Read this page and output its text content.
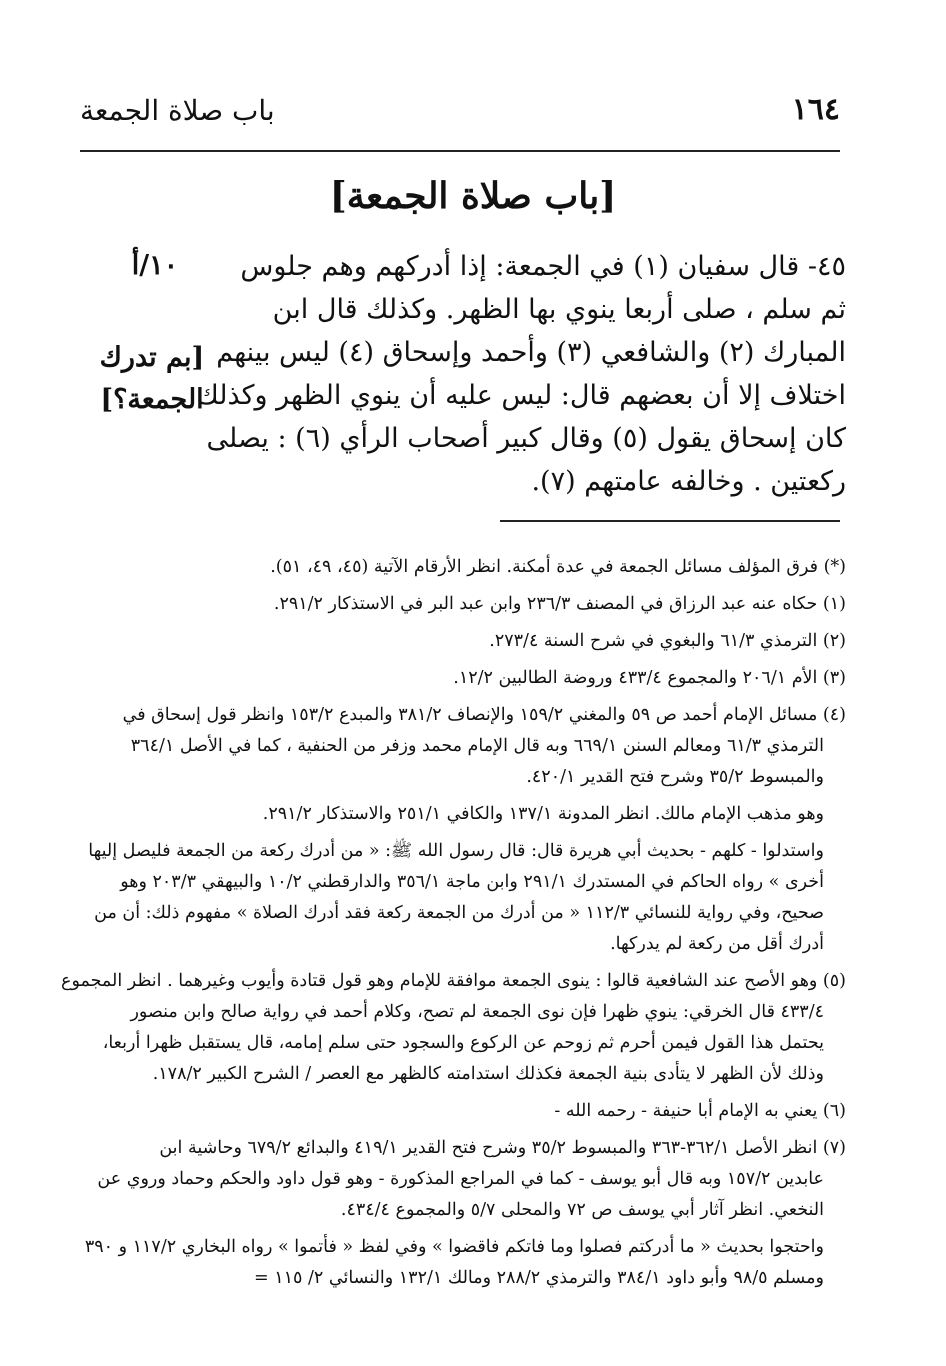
١٦٤
باب صلاة الجمعة
[باب صلاة الجمعة]
٤٥- قال سفيان (١) في الجمعة: إذا أدركهم وهم جلوس
ثم سلم ، صلى أربعا ينوي بها الظهر. وكذلك قال ابن
المبارك (٢) والشافعي (٣) وأحمد وإسحاق (٤) ليس بينهم
اختلاف إلا أن بعضهم قال: ليس عليه أن ينوي الظهر وكذلك
كان إسحاق يقول (٥) وقال كبير أصحاب الرأي (٦) : يصلى
ركعتين . وخالفه عامتهم (٧).
١٠/أ
[بم تدرك
الجمعة؟]
(*) فرق المؤلف مسائل الجمعة في عدة أمكنة. انظر الأرقام الآتية (٤٥، ٤٩، ٥١).
(١) حكاه عنه عبد الرزاق في المصنف ٢٣٦/٣ وابن عبد البر في الاستذكار ٢٩١/٢.
(٢) الترمذي ٦١/٣ والبغوي في شرح السنة ٢٧٣/٤.
(٣) الأم ٢٠٦/١ والمجموع ٤٣٣/٤ وروضة الطالبين ١٢/٢.
(٤) مسائل الإمام أحمد ص ٥٩ والمغني ١٥٩/٢ والإنصاف ٣٨١/٢ والمبدع ١٥٣/٢ وانظر قول إسحاق في
الترمذي ٦١/٣ ومعالم السنن ٦٦٩/١ وبه قال الإمام محمد وزفر من الحنفية ، كما في الأصل ٣٦٤/١
والمبسوط ٣٥/٢ وشرح فتح القدير ٤٢٠/١.
وهو مذهب الإمام مالك. انظر المدونة ١٣٧/١ والكافي ٢٥١/١ والاستذكار ٢٩١/٢.
واستدلوا - كلهم - بحديث أبي هريرة قال: قال رسول الله ﷺ: « من أدرك ركعة من الجمعة فليصل إليها
أخرى » رواه الحاكم في المستدرك ٢٩١/١ وابن ماجة ٣٥٦/١ والدارقطني ١٠/٢ والبيهقي ٢٠٣/٣ وهو
صحيح، وفي رواية للنسائي ١١٢/٣ « من أدرك من الجمعة ركعة فقد أدرك الصلاة » مفهوم ذلك: أن من
أدرك أقل من ركعة لم يدركها.
(٥) وهو الأصح عند الشافعية قالوا : ينوى الجمعة موافقة للإمام وهو قول قتادة وأيوب وغيرهما . انظر المجموع
٤٣٣/٤ قال الخرقي: ينوي ظهرا فإن نوى الجمعة لم تصح، وكلام أحمد في رواية صالح وابن منصور
يحتمل هذا القول فيمن أحرم ثم زوحم عن الركوع والسجود حتى سلم إمامه، قال يستقبل ظهرا أربعا،
وذلك لأن الظهر لا يتأدى بنية الجمعة فكذلك استدامته كالظهر مع العصر / الشرح الكبير ١٧٨/٢.
(٦) يعني به الإمام أبا حنيفة - رحمه الله -
(٧) انظر الأصل ٣٦٢/١-٣٦٣ والمبسوط ٣٥/٢ وشرح فتح القدير ٤١٩/١ والبدائع ٦٧٩/٢ وحاشية ابن
عابدين ١٥٧/٢ وبه قال أبو يوسف - كما في المراجع المذكورة - وهو قول داود والحكم وحماد وروي عن
النخعي. انظر آثار أبي يوسف ص ٧٢ والمحلى ٥/٧ والمجموع ٤٣٤/٤.
واحتجوا بحديث « ما أدركتم فصلوا وما فاتكم فاقضوا » وفي لفظ « فأتموا » رواه البخاري ١١٧/٢ و ٣٩٠
ومسلم ٩٨/٥ وأبو داود ٣٨٤/١ والترمذي ٢٨٨/٢ ومالك ١٣٢/١ والنسائي ٢/ ١١٥ =
